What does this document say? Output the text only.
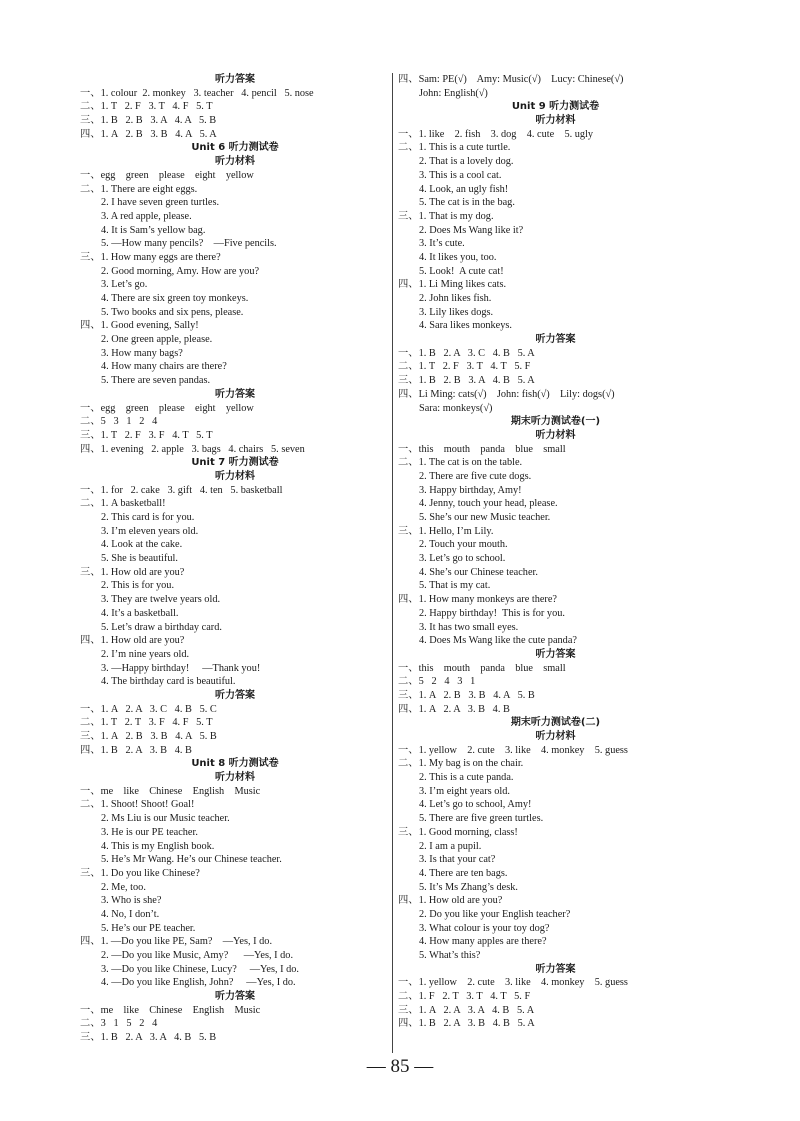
听力答案
一、1. colour  2. monkey   3. teacher   4. pencil   5. nose
二、1. T   2. F   3. T   4. F   5. T
三、1. B   2. B   3. A   4. A   5. B
四、1. A   2. B   3. B   4. A   5. A
Unit 6 听力测试卷
听力材料
一、egg    green    please    eight    yellow
二、1. There are eight eggs.
2. I have seven green turtles.
3. A red apple, please.
4. It is Sam’s yellow bag.
5. —How many pencils?    —Five pencils.
三、1. How many eggs are there?
2. Good morning, Amy. How are you?
3. Let’s go.
4. There are six green toy monkeys.
5. Two books and six pens, please.
四、1. Good evening, Sally!
2. One green apple, please.
3. How many bags?
4. How many chairs are there?
5. There are seven pandas.
听力答案
一、egg    green    please    eight    yellow
二、5   3   1   2   4
三、1. T   2. F   3. F   4. T   5. T
四、1. evening   2. apple   3. bags   4. chairs   5. seven
Unit 7 听力测试卷
听力材料
一、1. for   2. cake   3. gift   4. ten   5. basketball
二、1. A basketball!
2. This card is for you.
3. I’m eleven years old.
4. Look at the cake.
5. She is beautiful.
三、1. How old are you?
2. This is for you.
3. They are twelve years old.
4. It’s a basketball.
5. Let’s draw a birthday card.
四、1. How old are you?
2. I’m nine years old.
3. —Happy birthday!     —Thank you!
4. The birthday card is beautiful.
听力答案
一、1. A   2. A   3. C   4. B   5. C
二、1. T   2. T   3. F   4. F   5. T
三、1. A   2. B   3. B   4. A   5. B
四、1. B   2. A   3. B   4. B
Unit 8 听力测试卷
听力材料
一、me    like    Chinese    English    Music
二、1. Shoot! Shoot! Goal!
2. Ms Liu is our Music teacher.
3. He is our PE teacher.
4. This is my English book.
5. He’s Mr Wang. He’s our Chinese teacher.
三、1. Do you like Chinese?
2. Me, too.
3. Who is she?
4. No, I don’t.
5. He’s our PE teacher.
四、1. —Do you like PE, Sam?    —Yes, I do.
2. —Do you like Music, Amy?      —Yes, I do.
3. —Do you like Chinese, Lucy?     —Yes, I do.
4. —Do you like English, John?     —Yes, I do.
听力答案
一、me    like    Chinese    English    Music
二、3   1   5   2   4
三、1. B   2. A   3. A   4. B   5. B
四、Sam: PE(√)    Amy: Music(√)    Lucy: Chinese(√)
John: English(√)
Unit 9 听力测试卷
听力材料
一、1. like    2. fish    3. dog    4. cute    5. ugly
二、1. This is a cute turtle.
2. That is a lovely dog.
3. This is a cool cat.
4. Look, an ugly fish!
5. The cat is in the bag.
三、1. That is my dog.
2. Does Ms Wang like it?
3. It’s cute.
4. It likes you, too.
5. Look!  A cute cat!
四、1. Li Ming likes cats.
2. John likes fish.
3. Lily likes dogs.
4. Sara likes monkeys.
听力答案
一、1. B   2. A   3. C   4. B   5. A
二、1. T   2. F   3. T   4. T   5. F
三、1. B   2. B   3. A   4. B   5. A
四、Li Ming: cats(√)    John: fish(√)    Lily: dogs(√)
Sara: monkeys(√)
期末听力测试卷(一)
听力材料
一、this    mouth    panda    blue    small
二、1. The cat is on the table.
2. There are five cute dogs.
3. Happy birthday, Amy!
4. Jenny, touch your head, please.
5. She’s our new Music teacher.
三、1. Hello, I’m Lily.
2. Touch your mouth.
3. Let’s go to school.
4. She’s our Chinese teacher.
5. That is my cat.
四、1. How many monkeys are there?
2. Happy birthday!  This is for you.
3. It has two small eyes.
4. Does Ms Wang like the cute panda?
听力答案
一、this    mouth    panda    blue    small
二、5   2   4   3   1
三、1. A   2. B   3. B   4. A   5. B
四、1. A   2. A   3. B   4. B
期末听力测试卷(二)
听力材料
一、1. yellow    2. cute    3. like    4. monkey    5. guess
二、1. My bag is on the chair.
2. This is a cute panda.
3. I’m eight years old.
4. Let’s go to school, Amy!
5. There are five green turtles.
三、1. Good morning, class!
2. I am a pupil.
3. Is that your cat?
4. There are ten bags.
5. It’s Ms Zhang’s desk.
四、1. How old are you?
2. Do you like your English teacher?
3. What colour is your toy dog?
4. How many apples are there?
5. What’s this?
听力答案
一、1. yellow    2. cute    3. like    4. monkey    5. guess
二、1. F   2. T   3. T   4. T   5. F
三、1. A   2. A   3. A   4. B   5. A
四、1. B   2. A   3. B   4. B   5. A
— 85 —
